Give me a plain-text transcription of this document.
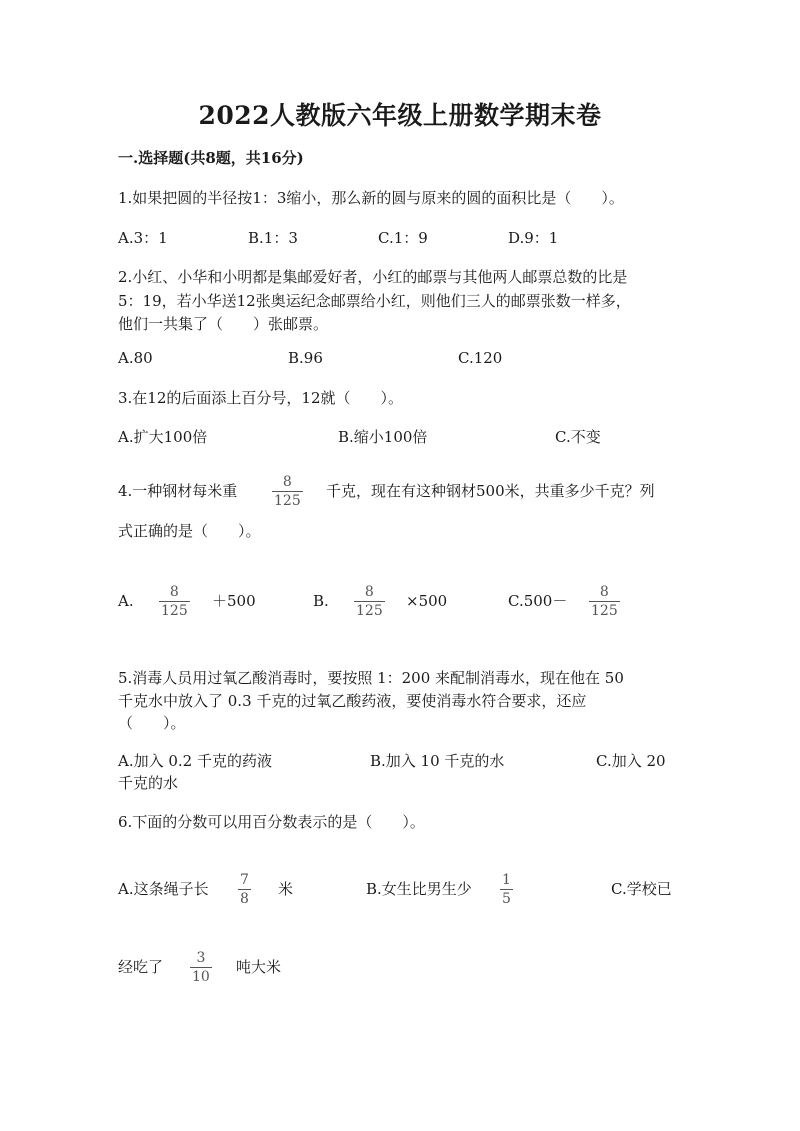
2022人教版六年级上册数学期末卷
一.选择题(共8题，共16分)
1.如果把圆的半径按1：3缩小，那么新的圆与原来的圆的面积比是（　　）。
A.3：1	B.1：3	C.1：9	D.9：1
2.小红、小华和小明都是集邮爱好者，小红的邮票与其他两人邮票总数的比是
5：19，若小华送12张奥运纪念邮票给小红，则他们三人的邮票张数一样多，
他们一共集了（　　）张邮票。
A.80	B.96	C.120
3.在12的后面添上百分号，12就（　　）。
A.扩大100倍	B.缩小100倍	C.不变
4.一种钢材每米重	8
125
千克，现在有这种钢材500米，共重多少千克？列
式正确的是（　　）。
A.	8
125
＋500	B.	8
125
×500	C.500－ 8
125
5.消毒人员用过氧乙酸消毒时，要按照 1：200 来配制消毒水，现在他在 50
千克水中放入了 0.3 千克的过氧乙酸药液，要使消毒水符合要求，还应
（　　）。
A.加入 0.2 千克的药液	B.加入 10 千克的水	C.加入 20
千克的水
6.下面的分数可以用百分数表示的是（　　）。
A.这条绳子长 7
8
米	B.女生比男生少 1
5
C.学校已
经吃了 3
10
吨大米
